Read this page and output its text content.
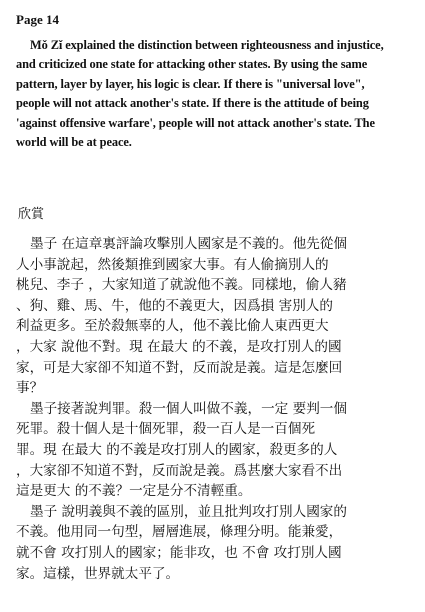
Page 14
Mǒ Zǐ explained the distinction between righteousness and injustice,
and criticized one state for attacking other states. By using the same
pattern, layer by layer, his logic is clear. If there is "universal love",
people will not attack another's state. If there is the attitude of being
'against offensive warfare', people will not attack another's state. The
world will be at peace.
欣賞
墨子 在這章裏評論攻擊別人國家是不義的。他先從個
人小事說起，然後類推到國家大事。有人偷摘別人的
桃兒、李子 ，大家知道了就說他不義。同樣地，偷人豬
、狗、雞、馬、牛，他的不義更大，因爲損 害別人的
利益更多。至於殺無辜的人，他不義比偷人東西更大
，大家 說他不對。現 在最大 的不義，是攻打別人的國
家，可是大家卻不知道不對，反而說是義。這是怎麼回
事？
墨子接著說判罪。殺一個人叫做不義，一定 要判一個
死罪。殺十個人是十個死罪，殺一百人是一百個死
罪。現 在最大 的不義是攻打別人的國家，殺更多的人
，大家卻不知道不對，反而說是義。爲甚麼大家看不出
這是更大 的不義？一定是分不清輕重。
墨子 說明義與不義的區別，並且批判攻打別人國家的
不義。他用同一句型，層層進展，條理分明。能兼愛，
就不會 攻打別人的國家；能非攻，也 不會 攻打別人國
家。這樣，世界就太平了。
